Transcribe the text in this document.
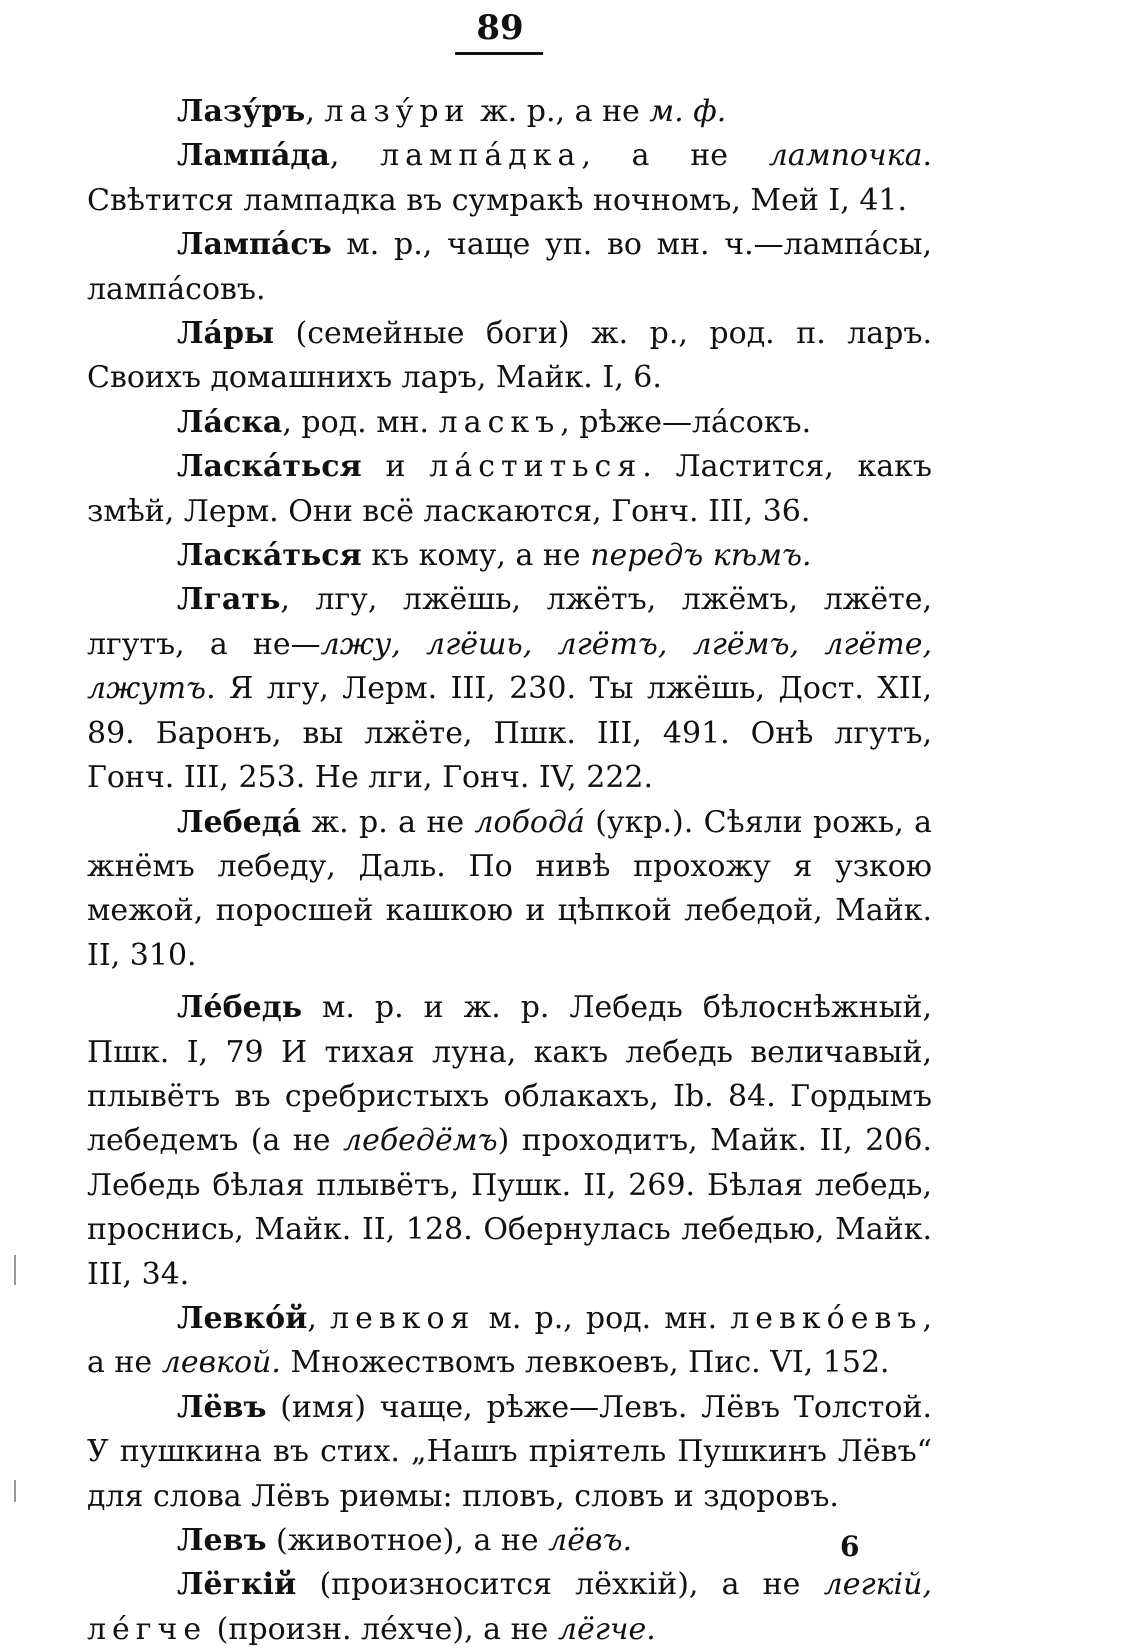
89

Лазу́ръ, лазу́ри ж. р., а не м. ф.

Лампа́да, лампа́дка, а не лампочка. Свѣтится лампадка въ сумракѣ ночномъ, Мей I, 41.

Лампа́съ м. р., чаще уп. во мн. ч.—лампа́сы, лампа́совъ.

Ла́ры (семейные боги) ж. р., род. п. ларъ. Своихъ домашнихъ ларъ, Майк. I, 6.

Ла́ска, род. мн. ласкъ, рѣже—ла́сокъ.

Ласка́ться и ла́ститься. Ластится, какъ змѣй, Лерм. Они всё ласкаются, Гонч. III, 36.

Ласка́ться къ кому, а не передъ кѣмъ.

Лгать, лгу, лжёшь, лжётъ, лжёмъ, лжёте, лгутъ, а не—лжу, лгёшь, лгётъ, лгёмъ, лгёте, лжутъ. Я лгу, Лерм. III, 230. Ты лжёшь, Дост. XII, 89. Баронъ, вы лжёте, Пшк. III, 491. Онѣ лгутъ, Гонч. III, 253. Не лги, Гонч. IV, 222.

Лебеда́ ж. р. а не лобода́ (укр.). Сѣяли рожь, а жнёмъ лебеду, Даль. По нивѣ прохожу я узкою межой, поросшей кашкою и цѣпкой лебедой, Майк. II, 310.

Ле́бедь м. р. и ж. р. Лебедь бѣлоснѣжный, Пшк. I, 79 И тихая луна, какъ лебедь величавый, плывётъ въ сребристыхъ облакахъ, Ib. 84. Гордымъ лебедемъ (а не лебедёмъ) проходитъ, Майк. II, 206. Лебедь бѣлая плывётъ, Пушк. II, 269. Бѣлая лебедь, проснись, Майк. II, 128. Обернулась лебедью, Майк. III, 34.

Левко́й, левкоя м. р., род. мн. левко́евъ, а не левкой. Множествомъ левкоевъ, Пис. VI, 152.

Лёвъ (имя) чаще, рѣже—Левъ. Лёвъ Толстой. У пушкина въ стих. „Нашъ пріятель Пушкинъ Лёвъ“ для слова Лёвъ риѳмы: пловъ, словъ и здоровъ.

Левъ (животное), а не лёвъ.

Лёгкій (произносится лёхкій), а не легкій, ле́гче (произн. ле́хче), а не лёгче.

6
